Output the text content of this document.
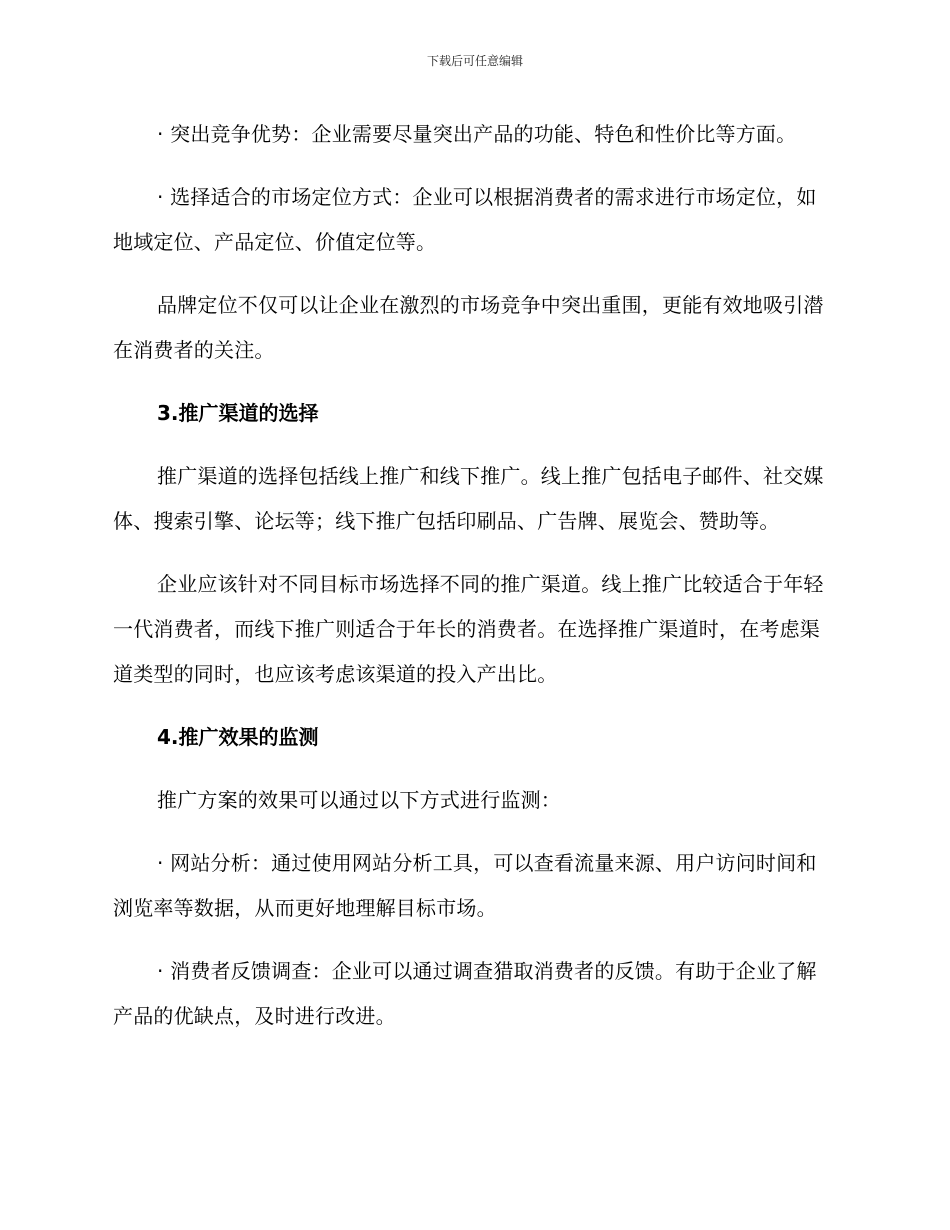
下载后可任意编辑

· 突出竞争优势：企业需要尽量突出产品的功能、特色和性价比等方面。

· 选择适合的市场定位方式：企业可以根据消费者的需求进行市场定位，如地域定位、产品定位、价值定位等。

品牌定位不仅可以让企业在激烈的市场竞争中突出重围，更能有效地吸引潜在消费者的关注。

3.推广渠道的选择

推广渠道的选择包括线上推广和线下推广。线上推广包括电子邮件、社交媒体、搜索引擎、论坛等；线下推广包括印刷品、广告牌、展览会、赞助等。

企业应该针对不同目标市场选择不同的推广渠道。线上推广比较适合于年轻一代消费者，而线下推广则适合于年长的消费者。在选择推广渠道时，在考虑渠道类型的同时，也应该考虑该渠道的投入产出比。

4.推广效果的监测

推广方案的效果可以通过以下方式进行监测：

· 网站分析：通过使用网站分析工具，可以查看流量来源、用户访问时间和浏览率等数据，从而更好地理解目标市场。

· 消费者反馈调查：企业可以通过调查猎取消费者的反馈。有助于企业了解产品的优缺点，及时进行改进。
